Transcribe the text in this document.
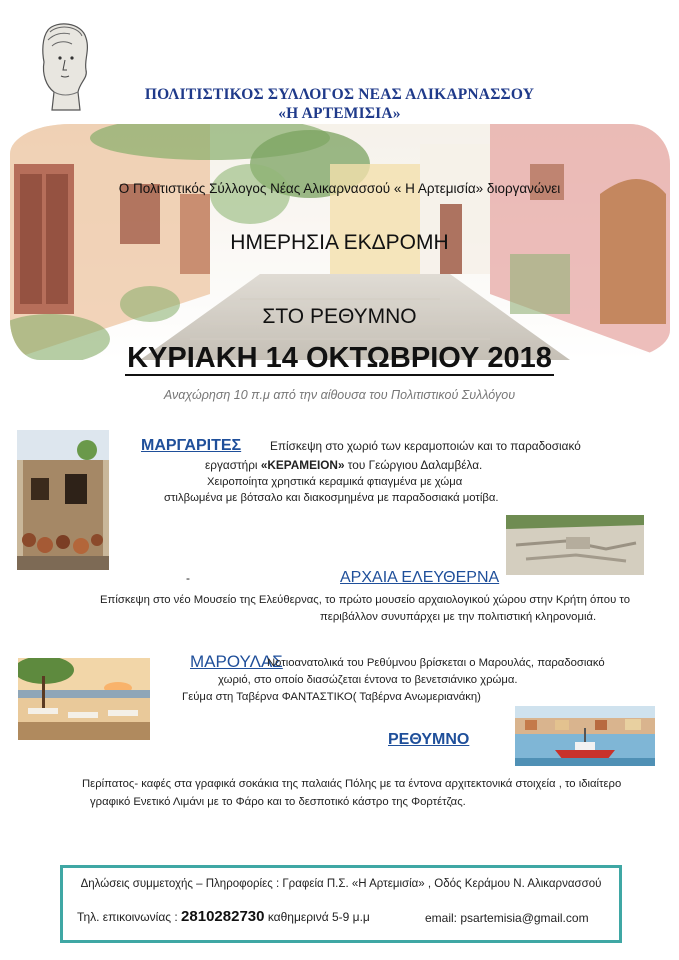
ΠΟΛΙΤΙΣΤΙΚΟΣ ΣΥΛΛΟΓΟΣ ΝΕΑΣ ΑΛΙΚΑΡΝΑΣΣΟΥ
«Η ΑΡΤΕΜΙΣΙΑ»
Ο Πολιτιστικός Σύλλογος Νέας Αλικαρνασσού « Η Αρτεμισία» διοργανώνει
ΗΜΕΡΗΣΙΑ ΕΚΔΡΟΜΗ
ΣΤΟ ΡΕΘΥΜΝΟ
ΚΥΡΙΑΚΗ 14 ΟΚΤΩΒΡΙΟΥ 2018
Αναχώρηση 10 π.μ από την αίθουσα του Πολιτιστικού Συλλόγου
ΜΑΡΓΑΡΙΤΕΣ Επίσκεψη στο χωριό των κεραμοποιών και το παραδοσιακό
εργαστήρι «ΚΕΡΑΜΕΙΟΝ» του Γεώργιου Δαλαμβέλα.
Χειροποίητα χρηστικά κεραμικά φτιαγμένα με χώμα
στιλβωμένα με βότσαλο και διακοσμημένα με παραδοσιακά μοτίβα.
-	ΑΡΧΑΙΑ ΕΛΕΥΘΕΡΝΑ
Επίσκεψη στο νέο Μουσείο της Ελεύθερνας, το πρώτο μουσείο αρχαιολογικού χώρου στην Κρήτη όπου το
περιβάλλον συνυπάρχει με την πολιτιστική κληρονομιά.
ΜΑΡΟΥΛΑΣ
Νοτιοανατολικά του Ρεθύμνου βρίσκεται ο Μαρουλάς, παραδοσιακό
χωριό, στο οποίο διασώζεται έντονα το βενετσιάνικο χρώμα.
Γεύμα στη Ταβέρνα ΦΑΝΤΑΣΤΙΚΟ( Ταβέρνα Ανωμεριανάκη)
ΡΕΘΥΜΝΟ
Περίπατος- καφές στα γραφικά σοκάκια της παλαιάς Πόλης με τα έντονα αρχιτεκτονικά στοιχεία , το ιδιαίτερο
γραφικό Ενετικό Λιμάνι με το Φάρο και το δεσποτικό κάστρο της Φορτέτζας.
Δηλώσεις συμμετοχής – Πληροφορίες : Γραφεία Π.Σ. «Η Αρτεμισία» , Οδός Κεράμου Ν. Αλικαρνασσού
Τηλ. επικοινωνίας : 2810282730 καθημερινά 5-9 μ.μ	email: psartemisia@gmail.com
